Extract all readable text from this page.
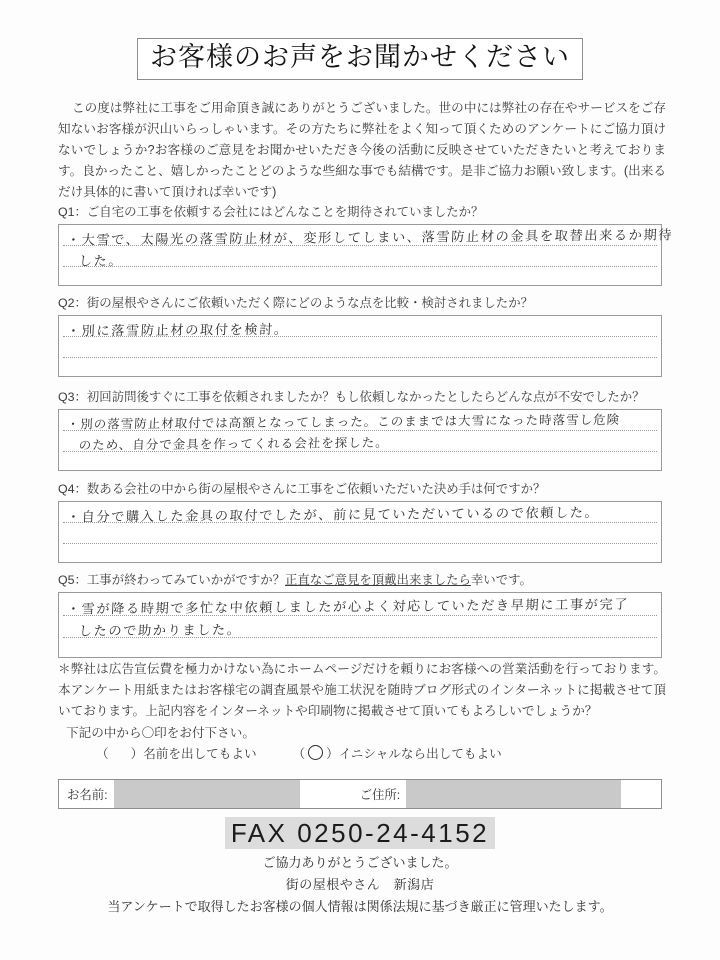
お客様のお声をお聞かせください
この度は弊社に工事をご用命頂き誠にありがとうございました。世の中には弊社の存在やサービスをご存知ないお客様が沢山いらっしゃいます。その方たちに弊社をよく知って頂くためのアンケートにご協力頂けないでしょうか?お客様のご意見をお聞かせいただき今後の活動に反映させていただきたいと考えております。良かったこと、嬉しかったことどのような些細な事でも結構です。是非ご協力お願い致します。(出来るだけ具体的に書いて頂ければ幸いです)
Q1：ご自宅の工事を依頼する会社にはどんなことを期待されていましたか？
・大雪で、太陽光の落雪防止材が、変形してしまい、落雪防止材の金具を取替出来るか期待
した。
Q2：街の屋根やさんにご依頼いただく際にどのような点を比較・検討されましたか？
・別に落雪防止材の取付を検討。
Q3：初回訪問後すぐに工事を依頼されましたか？もし依頼しなかったとしたらどんな点が不安でしたか？
・別の落雪防止材取付では高額となってしまった。このままでは大雪になった時落雪し危険
のため、自分で金具を作ってくれる会社を探した。
Q4：数ある会社の中から街の屋根やさんに工事をご依頼いただいた決め手は何ですか？
・自分で購入した金具の取付でしたが、前に見ていただいているので依頼した。
Q5：工事が終わってみていかがですか？正直なご意見を頂戴出来ましたら幸いです。
・雪が降る時期で多忙な中依頼しましたが心よく対応していただき早期に工事が完了
したので助かりました。
＊弊社は広告宣伝費を極力かけない為にホームページだけを頼りにお客様への営業活動を行っております。本アンケート用紙またはお客様宅の調査風景や施工状況を随時ブログ形式のインターネットに掲載させて頂いております。上記内容をインターネットや印刷物に掲載させて頂いてもよろしいでしょうか？
下記の中から〇印をお付下さい。
（ ）名前を出してもよい	（ ○ ）イニシャルなら出してもよい
お名前:	ご住所:
FAX 0250-24-4152
ご協力ありがとうございました。
街の屋根やさん　新潟店
当アンケートで取得したお客様の個人情報は関係法規に基づき厳正に管理いたします。
